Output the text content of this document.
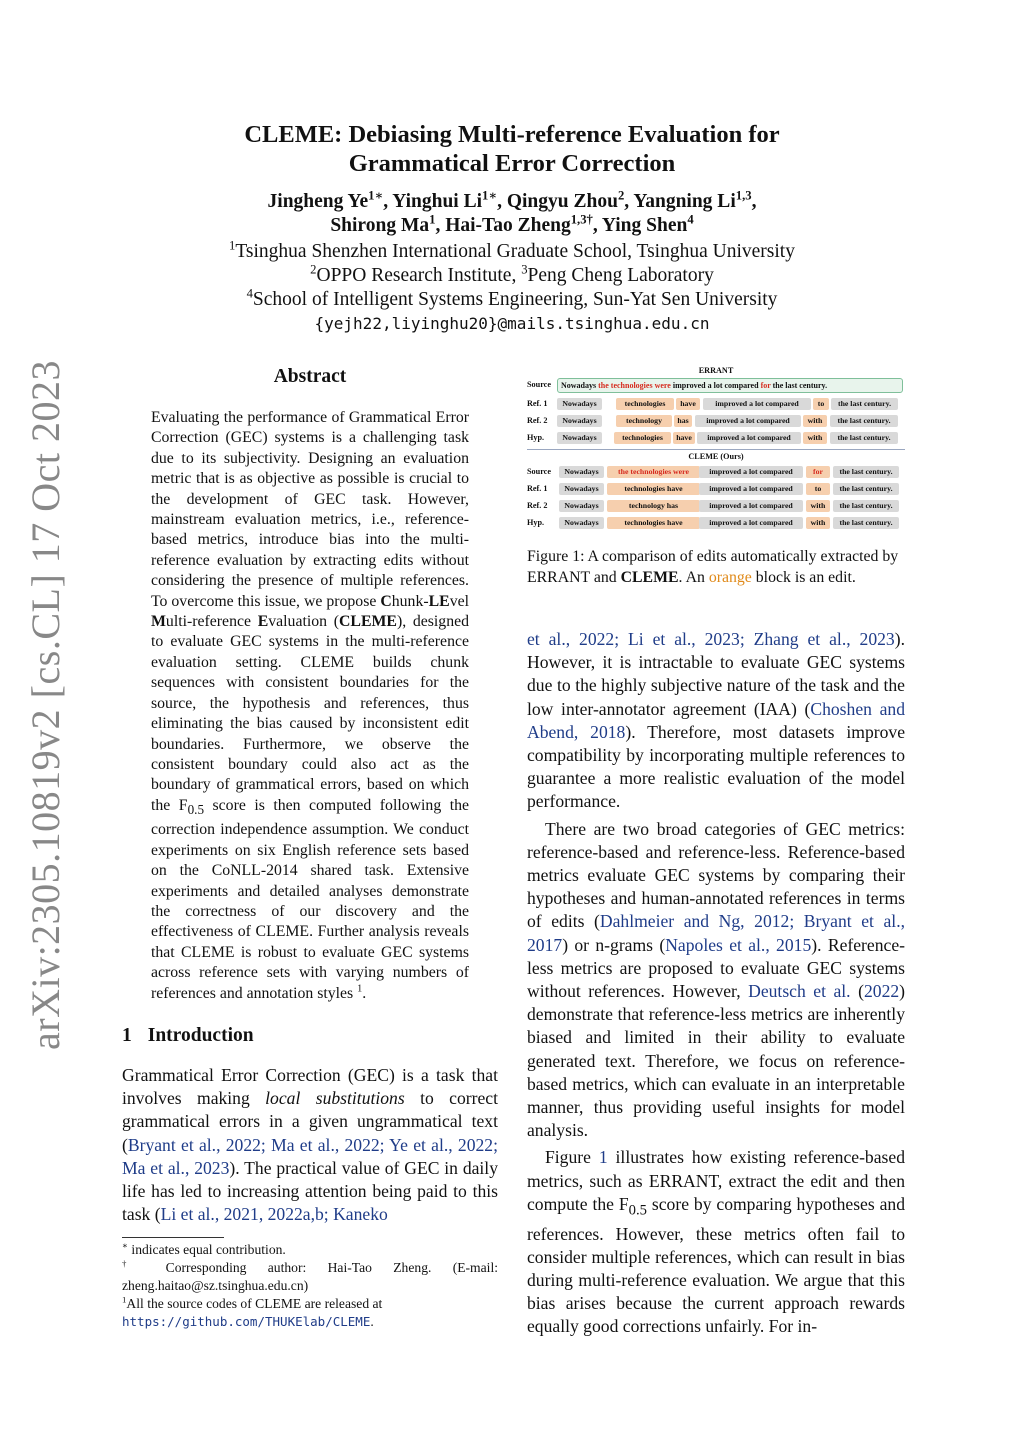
arXiv:2305.10819v2 [cs.CL] 17 Oct 2023
CLEME: Debiasing Multi-reference Evaluation for
Grammatical Error Correction
Jingheng $Ye^{1∗}$, Yinghui $Li^{1∗}$, Qingyu Zhou$^2$, Yangning Li$^{1,3}$,
Shirong Ma$^1$, Hai-Tao Zheng$^{1,3\dagger}$, Ying Shen$^4$
$^1$Tsinghua Shenzhen International Graduate School, Tsinghua University
$^2$OPPO Research Institute, $^3$Peng Cheng Laboratory
$^4$School of Intelligent Systems Engineering, Sun-Yat Sen University
{yejh22,liyinghu20}@mails.tsinghua.edu.cn
Abstract

Evaluating the performance of Grammatical Error Correction (GEC) systems is a challenging task due to its subjectivity. Designing an evaluation metric that is as objective as possible is crucial to the development of GEC task. However, mainstream evaluation metrics, i.e., reference-based metrics, introduce bias into the multi-reference evaluation by extracting edits without considering the presence of multiple references. To overcome this issue, we propose Chunk-LEvel Multi-reference Evaluation (CLEME), designed to evaluate GEC systems in the multi-reference evaluation setting. CLEME builds chunk sequences with consistent boundaries for the source, the hypothesis and references, thus eliminating the bias caused by inconsistent edit boundaries. Furthermore, we observe the consistent boundary could also act as the boundary of grammatical errors, based on which the $F_{0.5}$ score is then computed following the correction independence assumption. We conduct experiments on six English reference sets based on the CoNLL-2014 shared task. Extensive experiments and detailed analyses demonstrate the correctness of our discovery and the effectiveness of CLEME. Further analysis reveals that CLEME is robust to evaluate GEC systems across reference sets with varying numbers of references and annotation styles $^1$.

1 Introduction

Grammatical Error Correction (GEC) is a task that involves making local substitutions to correct grammatical errors in a given ungrammatical text (Bryant et al., 2022; Ma et al., 2022; Ye et al., 2022; Ma et al., 2023). The practical value of GEC in daily life has led to increasing attention being paid to this task (Li et al., 2021, 2022a,b; Kaneko

∗ indicates equal contribution.

† Corresponding author: Hai-Tao Zheng. (E-mail: zheng.haitao@sz.tsinghua.edu.cn)

$^1$All the source codes of CLEME are released at https://github.com/THUKElab/CLEME.

ERRANT
Source	Nowadays the technologies were improved a lot compared for the last century.
Ref. 1	Nowadays	technologies	have	improved a lot compared	to	the last century.
Ref. 2	Nowadays	technology	has	improved a lot compared	with	the last century.
Hyp.	Nowadays	technologies	have	improved a lot compared	with	the last century.
CLEME (Ours)
Source	Nowadays	the technologies were	improved a lot compared	for	the last century.
Ref. 1	Nowadays	technologies have	improved a lot compared	to	the last century.
Ref. 2	Nowadays	technology has	improved a lot compared	with	the last century.
Hyp.	Nowadays	technologies have	improved a lot compared	with	the last century.
Figure 1: A comparison of edits automatically extracted by ERRANT and CLEME. An orange block is an edit.

et al., 2022; Li et al., 2023; Zhang et al., 2023). However, it is intractable to evaluate GEC systems due to the highly subjective nature of the task and the low inter-annotator agreement (IAA) (Choshen and Abend, 2018). Therefore, most datasets improve compatibility by incorporating multiple references to guarantee a more realistic evaluation of the model performance.

There are two broad categories of GEC metrics: reference-based and reference-less. Reference-based metrics evaluate GEC systems by comparing their hypotheses and human-annotated references in terms of edits (Dahlmeier and Ng, 2012; Bryant et al., 2017) or n-grams (Napoles et al., 2015). Reference-less metrics are proposed to evaluate GEC systems without references. However, Deutsch et al. (2022) demonstrate that reference-less metrics are inherently biased and limited in their ability to evaluate generated text. Therefore, we focus on reference-based metrics, which can evaluate in an interpretable manner, thus providing useful insights for model analysis.

Figure 1 illustrates how existing reference-based metrics, such as ERRANT, extract the edit and then compute the $F_{0.5}$ score by comparing hypotheses and references. However, these metrics often fail to consider multiple references, which can result in bias during multi-reference evaluation. We argue that this bias arises because the current approach rewards equally good corrections unfairly. For in-
